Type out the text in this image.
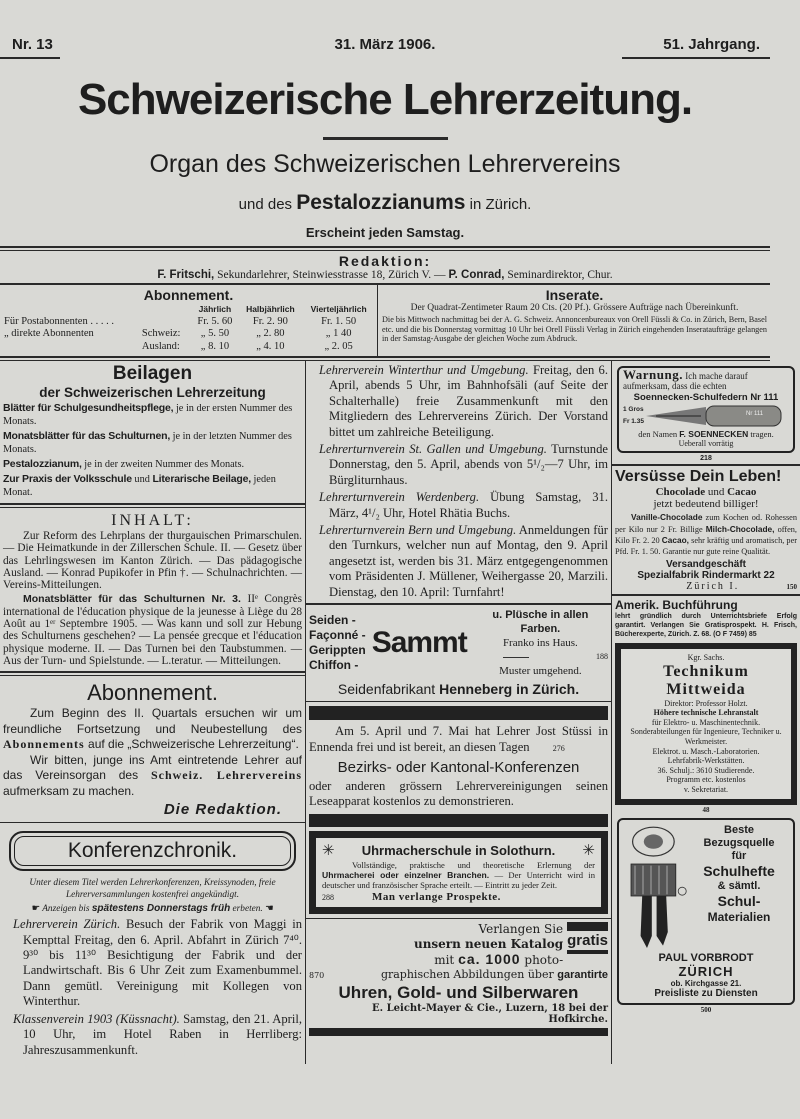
Nr. 13	31. März 1906.	51. Jahrgang.
Schweizerische Lehrerzeitung.
Organ des Schweizerischen Lehrervereins
und des Pestalozzianums in Zürich.
Erscheint jeden Samstag.
Redaktion:
F. Fritschi, Sekundarlehrer, Steinwiesstrasse 18, Zürich V. — P. Conrad, Seminardirektor, Chur.
Abonnement.
		Jährlich	Halbjährlich	Vierteljährlich
Für Postabonnenten . . . . .		Fr. 5. 60	Fr. 2. 90	Fr. 1. 50
„ direkte Abonnenten	Schweiz:	„ 5. 50	„ 2. 80	„ 1 40
	Ausland:	„ 8. 10	„ 4. 10	„ 2. 05
Inserate.
Der Quadrat-Zentimeter Raum 20 Cts. (20 Pf.). Grössere Aufträge nach Übereinkunft.
Die bis Mittwoch nachmittag bei der A. G. Schweiz. Annoncenbureaux von Orell Füssli & Co. in Zürich, Bern, Basel etc. und die bis Donnerstag vormittag 10 Uhr bei Orell Füssli Verlag in Zürich eingehenden Inserataufträge gelangen in der Samstag-Ausgabe der gleichen Woche zum Abdruck.
Beilagen
der Schweizerischen Lehrerzeitung
Blätter für Schulgesundheitspflege, je in der ersten Nummer des Monats.
Monatsblätter für das Schulturnen, je in der letzten Nummer des Monats.
Pestalozzianum, je in der zweiten Nummer des Monats.
Zur Praxis der Volksschule und Literarische Beilage, jeden Monat.
INHALT:
Zur Reform des Lehrplans der thurgauischen Primarschulen. — Die Heimatkunde in der Zillerschen Schule. II. — Gesetz über das Lehrlingswesen im Kanton Zürich. — Das pädagogische Ausland. — Konrad Pupikofer in Pfin †. — Schulnachrichten. — Vereins-Mitteilungen.
Monatsblätter für das Schulturnen Nr. 3. IIᵉ Congrès international de l'éducation physique de la jeunesse à Liège du 28 Août au 1ᵉʳ Septembre 1905. — Was kann und soll zur Hebung des Schulturnens geschehen? — La pensée grecque et l'éducation physique moderne. II. — Das Turnen bei den Taubstummen. — Aus der Turn- und Spielstunde. — L.teratur. — Mitteilungen.
Abonnement.
Zum Beginn des II. Quartals ersuchen wir um freundliche Fortsetzung und Neubestellung des Abonnements auf die „Schweizerische Lehrerzeitung“.
Wir bitten, junge ins Amt eintretende Lehrer auf das Vereinsorgan des Schweiz. Lehrervereins aufmerksam zu machen.
Die Redaktion.
Konferenzchronik.
Unter diesem Titel werden Lehrerkonferenzen, Kreissynoden, freie Lehrerversammlungen kostenfrei angekündigt.
☛ Anzeigen bis spätestens Donnerstags früh erbeten. ☚
Lehrerverein Zürich. Besuch der Fabrik von Maggi in Kempttal Freitag, den 6. April. Abfahrt in Zürich 7⁴⁰. 9³⁰ bis 11³⁰ Besichtigung der Fabrik und der Landwirtschaft. Bis 6 Uhr Zeit zum Examenbummel. Dann gemütl. Vereinigung mit Kollegen von Winterthur.
Klassenverein 1903 (Küssnacht). Samstag, den 21. April, 10 Uhr, im Hotel Raben in Herrliberg: Jahreszusammenkunft.
Lehrerverein Winterthur und Umgebung. Freitag, den 6. April, abends 5 Uhr, im Bahnhofsäli (auf Seite der Schalterhalle) freie Zusammenkunft mit den Mitgliedern des Lehrervereins Zürich. Der Vorstand bittet um zahlreiche Beteiligung.
Lehrerturnverein St. Gallen und Umgebung. Turnstunde Donnerstag, den 5. April, abends von 5¹/₂—7 Uhr, im Bürgliturnhaus.
Lehrerturnverein Werdenberg. Übung Samstag, 31. März, 4¹/₂ Uhr, Hotel Rhätia Buchs.
Lehrerturnverein Bern und Umgebung. Anmeldungen für den Turnkurs, welcher nun auf Montag, den 9. April angesetzt ist, werden bis 31. März entgegengenommen vom Präsidenten J. Müllener, Weihergasse 20, Marzili. Dienstag, den 10. April: Turnfahrt!
Seiden -
Façonné -
Gerippten
Chiffon -
Sammt
u. Plüsche in allen Farben.
Franko ins Haus.
188
Muster umgehend.
Seidenfabrikant Henneberg in Zürich.
Am 5. April und 7. Mai hat Lehrer Jost Stüssi in Ennenda frei und ist bereit, an diesen Tagen	276
Bezirks- oder Kantonal-Konferenzen
oder anderen grössern Lehrervereinigungen seinen Leseapparat kostenlos zu demonstrieren.
✳ Uhrmacherschule in Solothurn. ✳
Vollständige, praktische und theoretische Erlernung der Uhrmacherei oder einzelner Branchen. — Der Unterricht wird in deutscher und französischer Sprache erteilt. — Eintritt zu jeder Zeit.
288	Man verlange Prospekte.
Verlangen Sie
unsern neuen Katalog
mit ca. 1000 photo-
gratis
870	graphischen Abbildungen über garantirte
Uhren, Gold- und Silberwaren
E. Leicht-Mayer & Cie., Luzern, 18 bei der Hofkirche.
Warnung. Ich mache darauf aufmerksam, dass die echten
Soennecken-Schulfedern Nr 111
1 Gros
Fr 1.35
Nr 111
den Namen F. SOENNECKEN tragen.
Ueberall vorrätig
218
Versüsse Dein Leben!
Chocolade und Cacao
jetzt bedeutend billiger!
Vanille-Chocolade zum Kochen od. Rohessen per Kilo nur 2 Fr. Billige Milch-Chocolade, offen, Kilo Fr. 2. 20 Cacao, sehr kräftig und aromatisch, per Pfd. Fr. 1. 50. Garantie nur gute reine Qualität.
Versandgeschäft
Spezialfabrik Rindermarkt 22
Zürich I.	150
Amerik. Buchführung
lehrt gründlich durch Unterrichtsbriefe Erfolg garantirt. Verlangen Sie Gratisprospekt. H. Frisch, Bücherexperte, Zürich. Z. 68. (O F 7459) 85
Kgr. Sachs.
Technikum
Mittweida
Direktor: Professor Holzt.
Höhere technische Lehranstalt
für Elektro- u. Maschinentechnik.
Sonderabteilungen für Ingenieure, Techniker u. Werkmeister.
Elektrot. u. Masch.-Laboratorien.
Lehrfabrik-Werkstätten.
36. Schulj.: 3610 Studierende.
Programm etc. kostenlos
v. Sekretariat.
48
Beste
Bezugsquelle
für
Schulhefte
& sämtl.
Schul-
Materialien
PAUL VORBRODT
ZÜRICH
ob. Kirchgasse 21.
Preisliste zu Diensten
500
